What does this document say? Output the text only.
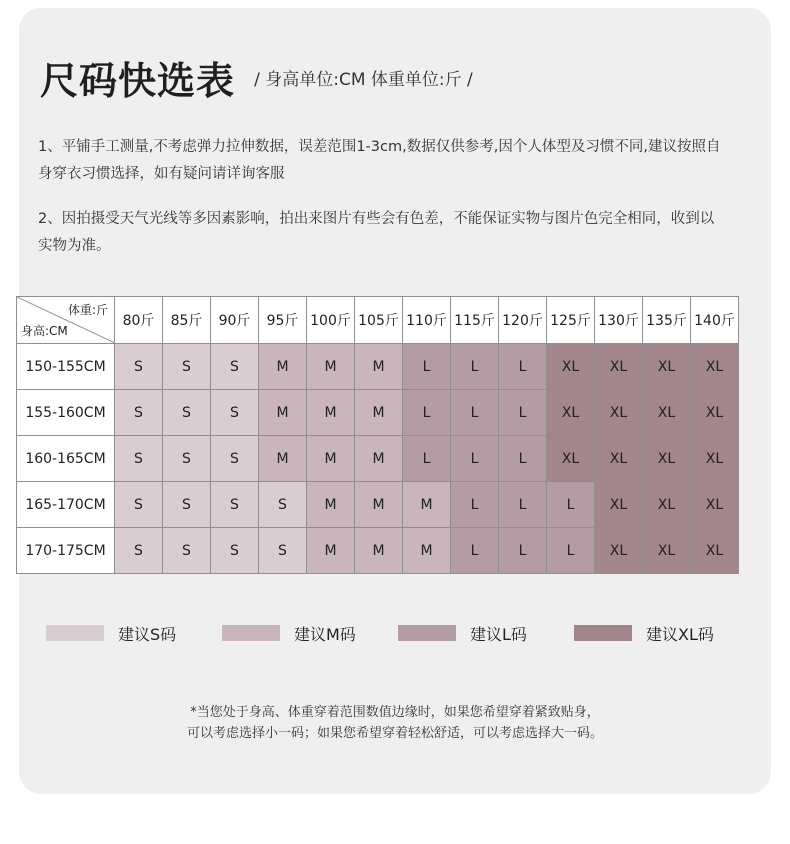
尺码快选表 / 身高单位:CM 体重单位:斤 /
1、平铺手工测量,不考虑弹力拉伸数据，误差范围1-3cm,数据仅供参考,因个人体型及习惯不同,建议按照自身穿衣习惯选择，如有疑问请详询客服
2、因拍摄受天气光线等多因素影响，拍出来图片有些会有色差，不能保证实物与图片色完全相同，收到以实物为准。
体重:斤
身高:CM	80斤	85斤	90斤	95斤	100斤	105斤	110斤	115斤	120斤	125斤	130斤	135斤	140斤
150-155CM	S	S	S	M	M	M	L	L	L	XL	XL	XL	XL
155-160CM	S	S	S	M	M	M	L	L	L	XL	XL	XL	XL
160-165CM	S	S	S	M	M	M	L	L	L	XL	XL	XL	XL
165-170CM	S	S	S	S	M	M	M	L	L	L	XL	XL	XL
170-175CM	S	S	S	S	M	M	M	L	L	L	XL	XL	XL
建议S码	建议M码	建议L码	建议XL码
*当您处于身高、体重穿着范围数值边缘时，如果您希望穿着紧致贴身，
可以考虑选择小一码；如果您希望穿着轻松舒适，可以考虑选择大一码。
